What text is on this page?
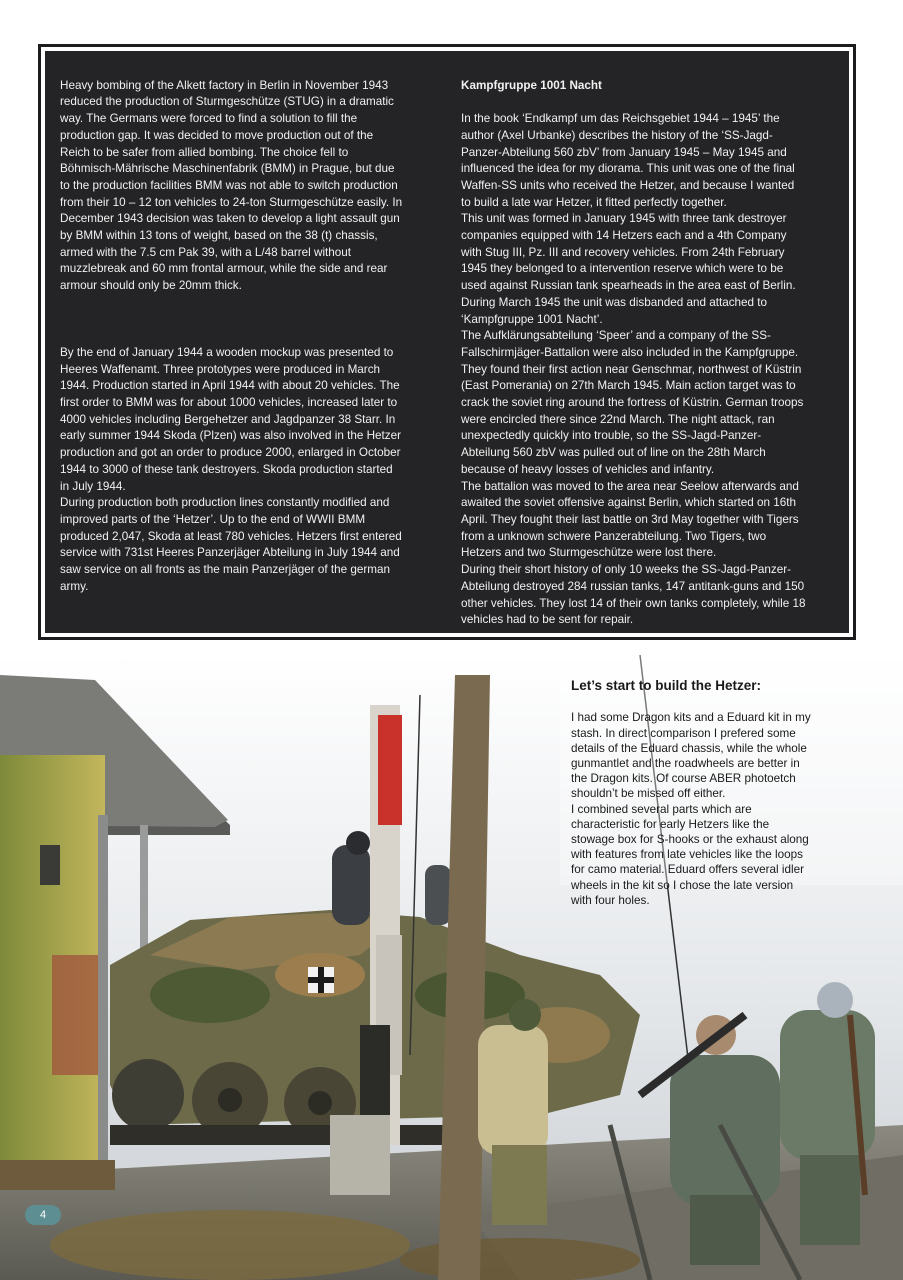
Heavy bombing of the Alkett factory in Berlin in November 1943
reduced the production of Sturmgeschütze (STUG) in a dramatic
way. The Germans were forced to find a solution to fill the
production gap. It was decided to move production out of the
Reich to be safer from allied bombing. The choice fell to
Böhmisch-Mährische Maschinenfabrik (BMM) in Prague, but due
to the production facilities BMM was not able to switch production
from their 10 – 12 ton vehicles to 24-ton Sturmgeschütze easily. In
December 1943 decision was taken to develop a light assault gun
by BMM within 13 tons of weight, based on the 38 (t) chassis,
armed with the 7.5 cm Pak 39, with a L/48 barrel without
muzzlebreak and 60 mm frontal armour, while the side and rear
armour should only be 20mm thick.

By the end of January 1944 a wooden mockup was presented to
Heeres Waffenamt. Three prototypes were produced in March
1944. Production started in April 1944 with about 20 vehicles. The
first order to BMM was for about 1000 vehicles, increased later to
4000 vehicles including Bergehetzer and Jagdpanzer 38 Starr. In
early summer 1944 Skoda (Plzen) was also involved in the Hetzer
production and got an order to produce 2000, enlarged in October
1944 to 3000 of these tank destroyers. Skoda production started
in July 1944.
During production both production lines constantly modified and
improved parts of the ‘Hetzer’. Up to the end of WWII BMM
produced 2,047, Skoda at least 780 vehicles. Hetzers first entered
service with 731st Heeres Panzerjäger Abteilung in July 1944 and
saw service on all fronts as the main Panzerjäger of the german
army.

Kampfgruppe 1001 Nacht

In the book ‘Endkampf um das Reichsgebiet 1944 – 1945’ the
author (Axel Urbanke) describes the history of the ‘SS-Jagd-
Panzer-Abteilung 560 zbV’ from January 1945 – May 1945 and
influenced the idea for my diorama. This unit was one of the final
Waffen-SS units who received the Hetzer, and because I wanted
to build a late war Hetzer, it fitted perfectly together.
This unit was formed in January 1945 with three tank destroyer
companies equipped with 14 Hetzers each and a 4th Company
with Stug III, Pz. III and recovery vehicles. From 24th February
1945 they belonged to a intervention reserve which were to be
used against Russian tank spearheads in the area east of Berlin.
During March 1945 the unit was disbanded and attached to
‘Kampfgruppe 1001 Nacht’.
The Aufklärungsabteilung ‘Speer’ and a company of the SS-
Fallschirmjäger-Battalion were also included in the Kampfgruppe.
They found their first action near Genschmar, northwest of Küstrin
(East Pomerania) on 27th March 1945. Main action target was to
crack the soviet ring around the fortress of Küstrin. German troops
were encircled there since 22nd March. The night attack, ran
unexpectedly quickly into trouble, so the SS-Jagd-Panzer-
Abteilung 560 zbV was pulled out of line on the 28th March
because of heavy losses of vehicles and infantry.
The battalion was moved to the area near Seelow afterwards and
awaited the soviet offensive against Berlin, which started on 16th
April. They fought their last battle on 3rd May together with Tigers
from a unknown schwere Panzerabteilung. Two Tigers, two
Hetzers and two Sturmgeschütze were lost there.
During their short history of only 10 weeks the SS-Jagd-Panzer-
Abteilung destroyed 284 russian tanks, 147 antitank-guns and 150
other vehicles. They lost 14 of their own tanks completely, while 18
vehicles had to be sent for repair.

Let’s start to build the Hetzer:

I had some Dragon kits and a Eduard kit in my
stash. In direct comparison I prefered some
details of the Eduard chassis, while the whole
gunmantlet and the roadwheels are better in
the Dragon kits. Of course ABER photoetch
shouldn’t be missed off either.
I combined several parts which are
characteristic for early Hetzers like the
stowage box for S-hooks or the exhaust along
with features from late vehicles like the loops
for camo material. Eduard offers several idler
wheels in the kit so I chose the late version
with four holes.

4
